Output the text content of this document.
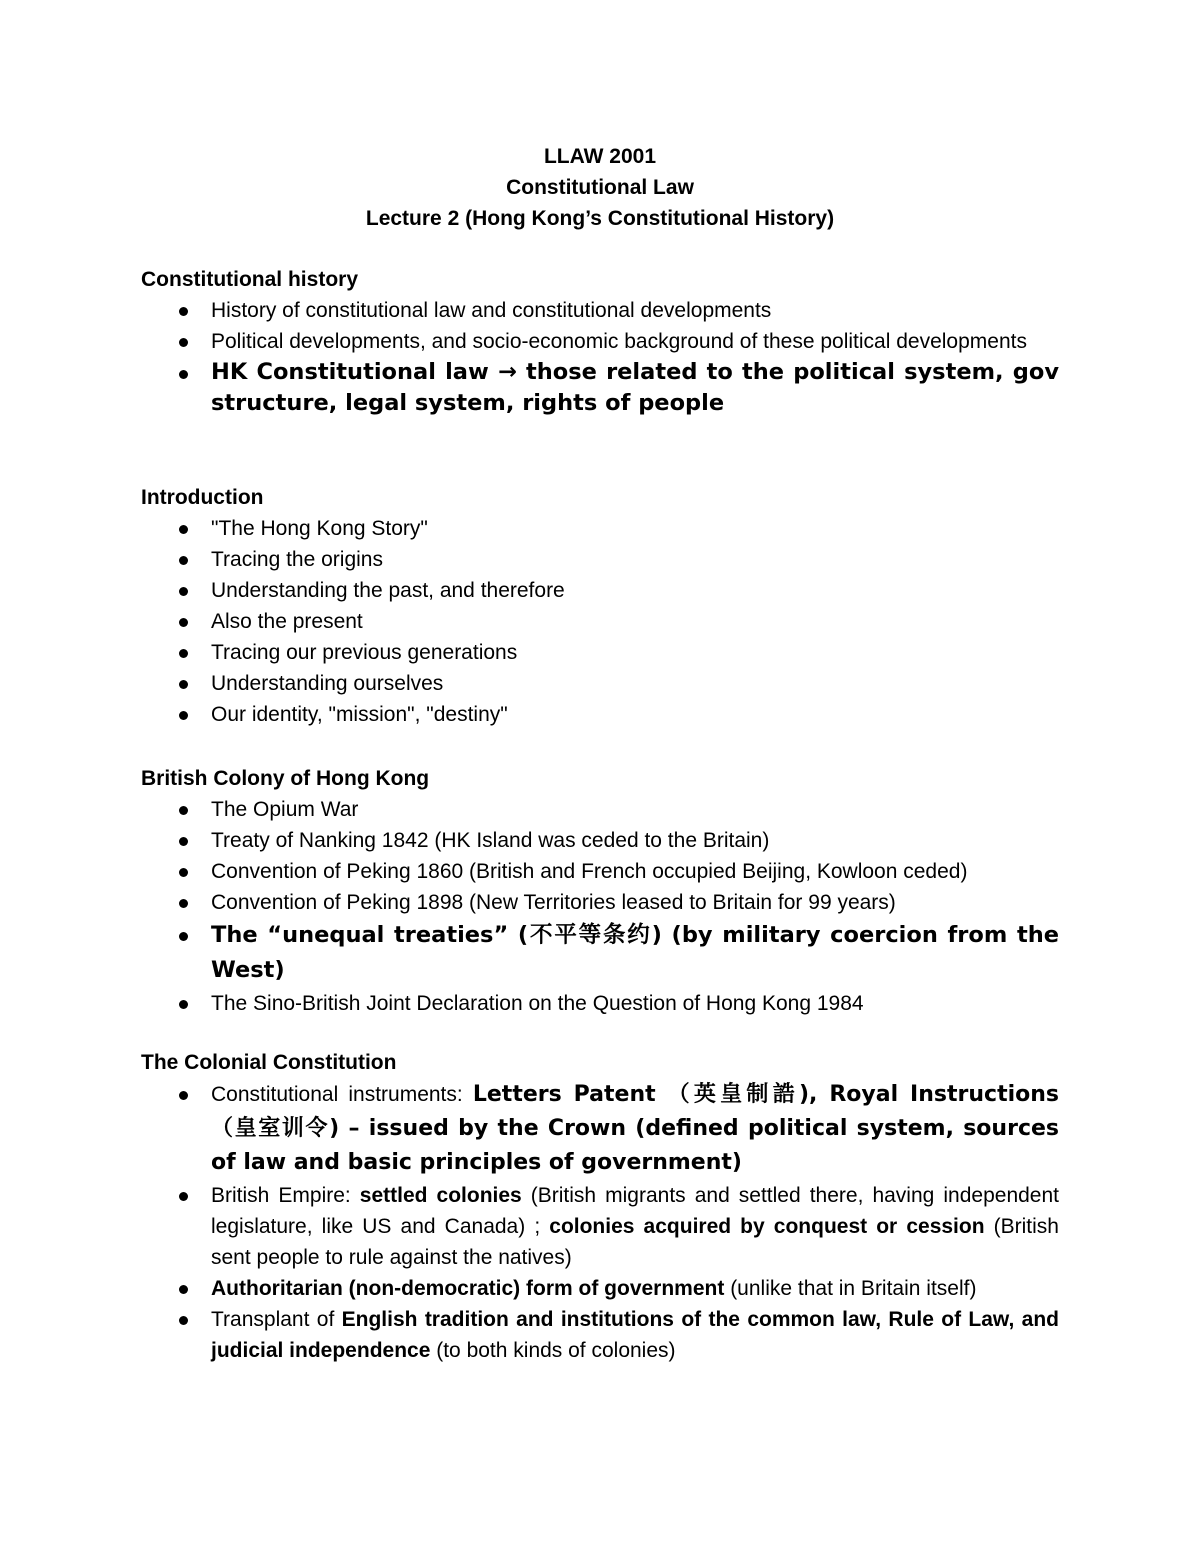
LLAW 2001
Constitutional Law
Lecture 2 (Hong Kong’s Constitutional History)
Constitutional history
History of constitutional law and constitutional developments
Political developments, and socio-economic background of these political developments
HK Constitutional law → those related to the political system, gov structure, legal system, rights of people
Introduction
"The Hong Kong Story"
Tracing the origins
Understanding the past, and therefore
Also the present
Tracing our previous generations
Understanding ourselves
Our identity, "mission", "destiny"
British Colony of Hong Kong
The Opium War
Treaty of Nanking 1842 (HK Island was ceded to the Britain)
Convention of Peking 1860 (British and French occupied Beijing, Kowloon ceded)
Convention of Peking 1898 (New Territories leased to Britain for 99 years)
The “unequal treaties” (不平等条约) (by military coercion from the West)
The Sino-British Joint Declaration on the Question of Hong Kong 1984
The Colonial Constitution
Constitutional instruments: Letters Patent （英皇制誥), Royal Instructions （皇室训令) – issued by the Crown (defined political system, sources of law and basic principles of government)
British Empire: settled colonies (British migrants and settled there, having independent legislature, like US and Canada) ; colonies acquired by conquest or cession (British sent people to rule against the natives)
Authoritarian (non-democratic) form of government (unlike that in Britain itself)
Transplant of English tradition and institutions of the common law, Rule of Law, and judicial independence (to both kinds of colonies)
